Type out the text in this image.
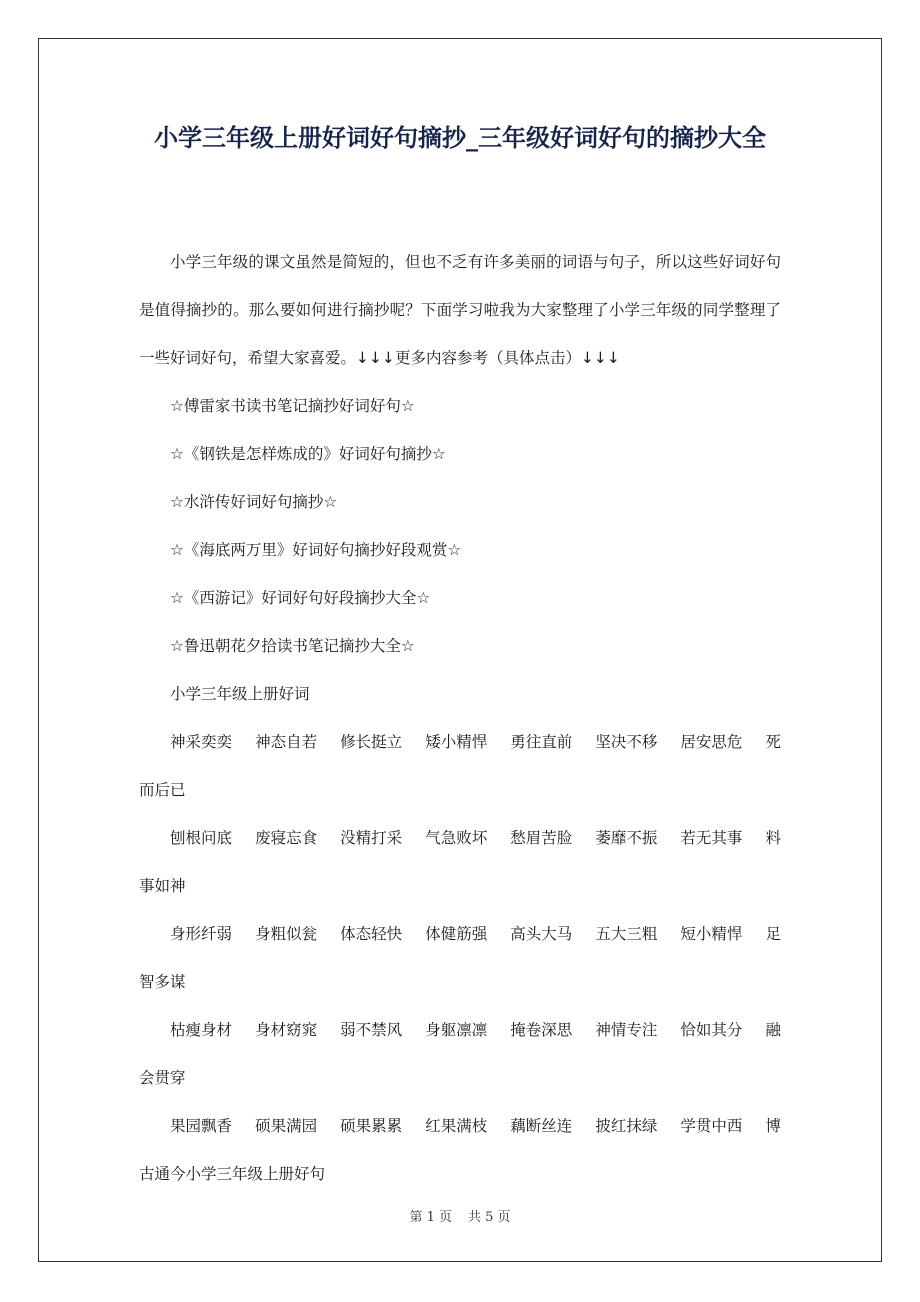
小学三年级上册好词好句摘抄_三年级好词好句的摘抄大全

小学三年级的课文虽然是简短的，但也不乏有许多美丽的词语与句子，所以这些好词好句是值得摘抄的。那么要如何进行摘抄呢？下面学习啦我为大家整理了小学三年级的同学整理了一些好词好句，希望大家喜爱。↓↓↓更多内容参考（具体点击）↓↓↓

☆傅雷家书读书笔记摘抄好词好句☆

☆《钢铁是怎样炼成的》好词好句摘抄☆

☆水浒传好词好句摘抄☆

☆《海底两万里》好词好句摘抄好段观赏☆

☆《西游记》好词好句好段摘抄大全☆

☆鲁迅朝花夕拾读书笔记摘抄大全☆

小学三年级上册好词

神采奕奕 神态自若 修长挺立 矮小精悍 勇往直前 坚决不移 居安思危 死
而后已
刨根问底 废寝忘食 没精打采 气急败坏 愁眉苦脸 萎靡不振 若无其事 料
事如神
身形纤弱 身粗似瓮 体态轻快 体健筋强 高头大马 五大三粗 短小精悍 足
智多谋
枯瘦身材 身材窈窕 弱不禁风 身躯凛凛 掩卷深思 神情专注 恰如其分 融
会贯穿
果园飘香 硕果满园 硕果累累 红果满枝 藕断丝连 披红抹绿 学贯中西 博
古通今小学三年级上册好句
第 1 页 共 5 页
